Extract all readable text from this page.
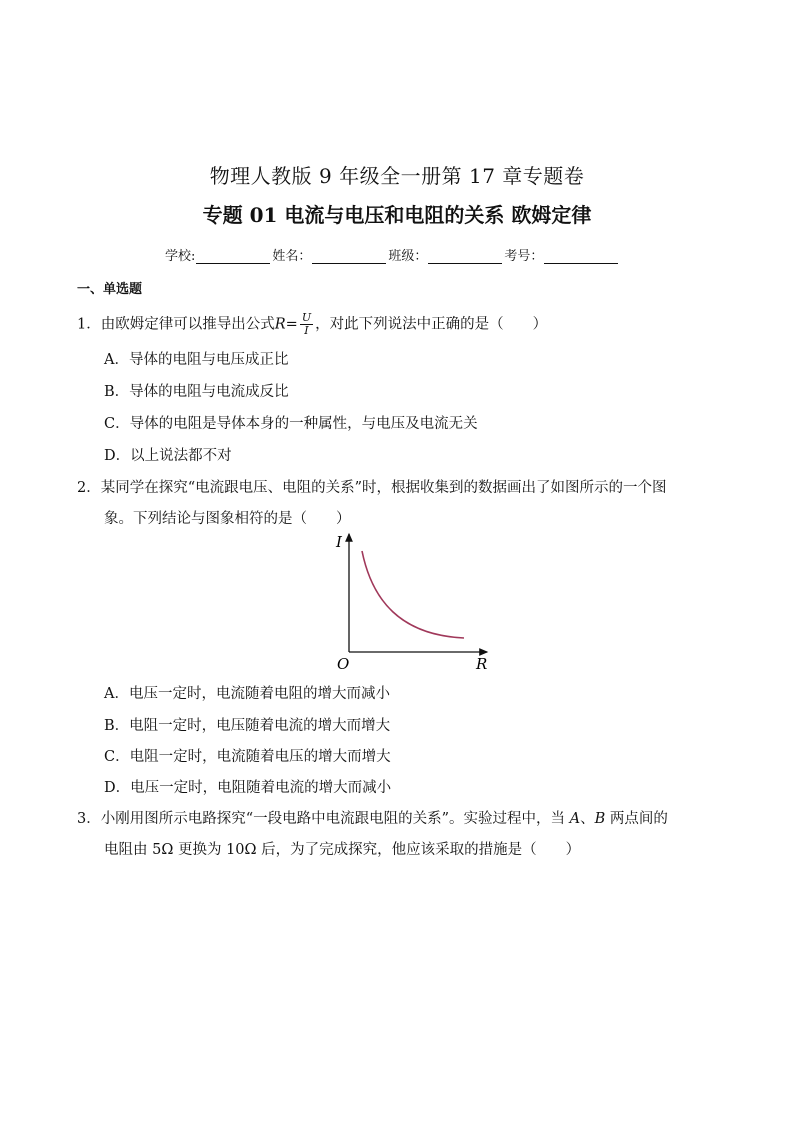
物理人教版 9 年级全一册第 17 章专题卷
专题 01 电流与电压和电阻的关系 欧姆定律
学校:	姓名：	班级：	考号：
一、单选题
1．由欧姆定律可以推导出公式$R= \frac{U}{I}$ ，对此下列说法中正确的是（　　）
A．导体的电阻与电压成正比
B．导体的电阻与电流成反比
C．导体的电阻是导体本身的一种属性，与电压及电流无关
D．以上说法都不对
2．某同学在探究“电流跟电压、电阻的关系”时，根据收集到的数据画出了如图所示的一个图
象。下列结论与图象相符的是（　　）
I
R
O
A．电压一定时，电流随着电阻的增大而减小
B．电阻一定时，电压随着电流的增大而增大
C．电阻一定时，电流随着电压的增大而增大
D．电压一定时，电阻随着电流的增大而减小
3．小刚用图所示电路探究“一段电路中电流跟电阻的关系”。实验过程中，当 A、B 两点间的
电阻由 5Ω 更换为 10Ω 后，为了完成探究，他应该采取的措施是（　　）
